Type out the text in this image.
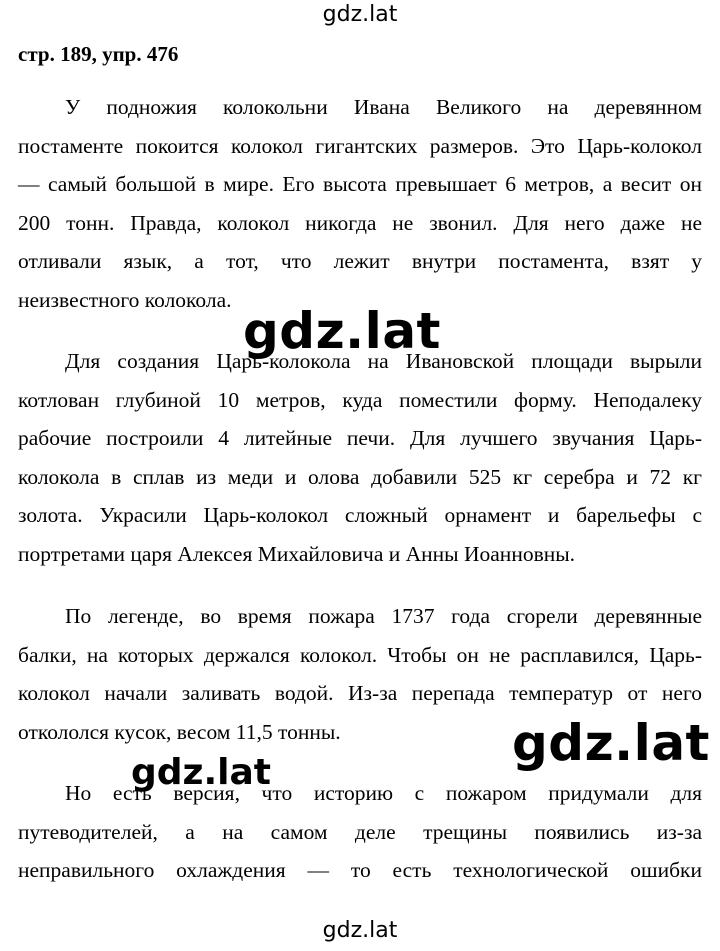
gdz.lat
стр. 189, упр. 476
У подножия колокольни Ивана Великого на деревянном
постаменте покоится колокол гигантских размеров. Это Царь-колокол
— самый большой в мире. Его высота превышает 6 метров, а весит он
200 тонн. Правда, колокол никогда не звонил. Для него даже не
отливали язык, а тот, что лежит внутри постамента, взят у
неизвестного колокола.
gdz.lat
Для создания Царь-колокола на Ивановской площади вырыли
котлован глубиной 10 метров, куда поместили форму. Неподалеку
рабочие построили 4 литейные печи. Для лучшего звучания Царь-
колокола в сплав из меди и олова добавили 525 кг серебра и 72 кг
золота. Украсили Царь-колокол сложный орнамент и барельефы с
портретами царя Алексея Михайловича и Анны Иоанновны.
По легенде, во время пожара 1737 года сгорели деревянные
балки, на которых держался колокол. Чтобы он не расплавился, Царь-
колокол начали заливать водой. Из-за перепада температур от него
откололся кусок, весом 11,5 тонны.	gdz.lat
gdz.lat
Но есть версия, что историю с пожаром придумали для
путеводителей, а на самом деле трещины появились из-за
неправильного охлаждения — то есть технологической ошибки
gdz.lat
